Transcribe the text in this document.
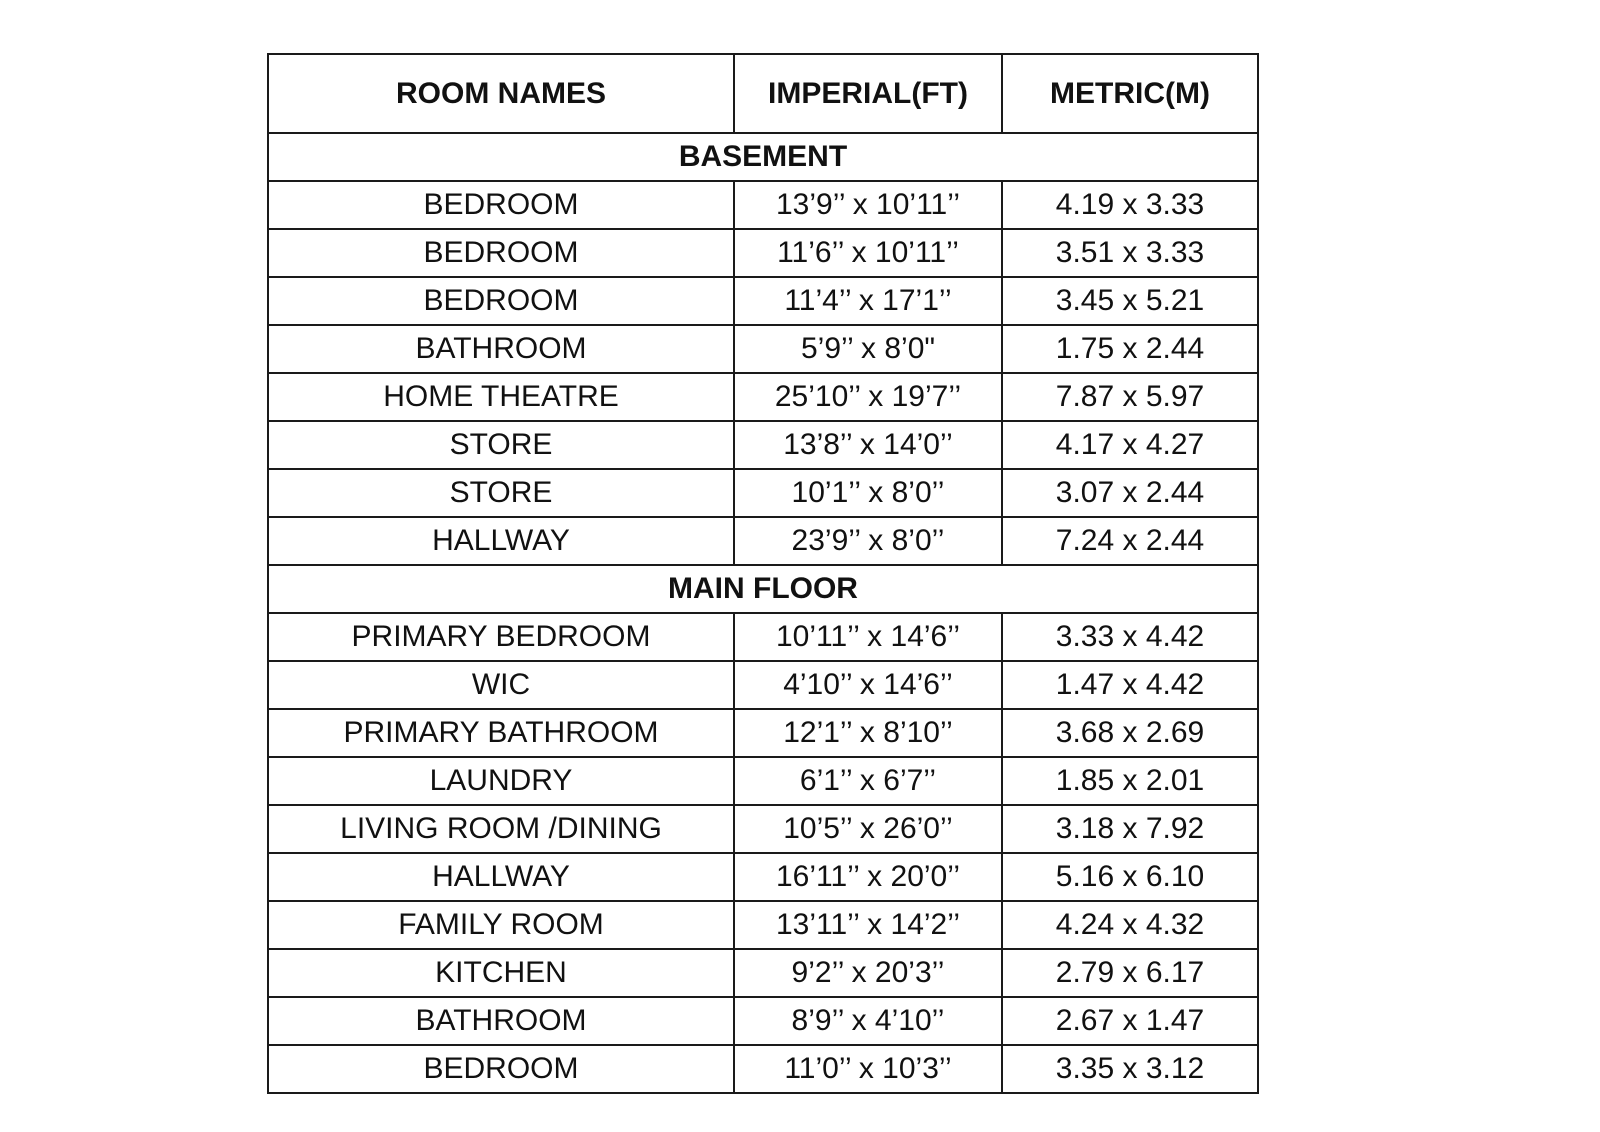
ROOM NAMES	IMPERIAL(FT)	METRIC(M)
BASEMENT		
BEDROOM	13’9’’ x 10’11’’	4.19 x 3.33
BEDROOM	11’6’’ x 10’11’’	3.51 x 3.33
BEDROOM	11’4’’ x 17’1’’	3.45 x 5.21
BATHROOM	5’9’’ x 8’0"	1.75 x 2.44
HOME THEATRE	25’10’’ x 19’7’’	7.87 x 5.97
STORE	13’8’’ x 14’0’’	4.17 x 4.27
STORE	10’1’’ x 8’0’’	3.07 x 2.44
HALLWAY	23’9’’ x 8’0’’	7.24 x 2.44
MAIN FLOOR		
PRIMARY BEDROOM	10’11’’ x 14’6’’	3.33 x 4.42
WIC	4’10’’ x 14’6’’	1.47 x 4.42
PRIMARY BATHROOM	12’1’’ x 8’10’’	3.68 x 2.69
LAUNDRY	6’1’’ x 6’7’’	1.85 x 2.01
LIVING ROOM /DINING	10’5’’ x 26’0’’	3.18 x 7.92
HALLWAY	16’11’’ x 20’0’’	5.16 x 6.10
FAMILY ROOM	13’11’’ x 14’2’’	4.24 x 4.32
KITCHEN	9’2’’ x 20’3’’	2.79 x 6.17
BATHROOM	8’9’’ x 4’10’’	2.67 x 1.47
BEDROOM	11’0’’ x 10’3’’	3.35 x 3.12
